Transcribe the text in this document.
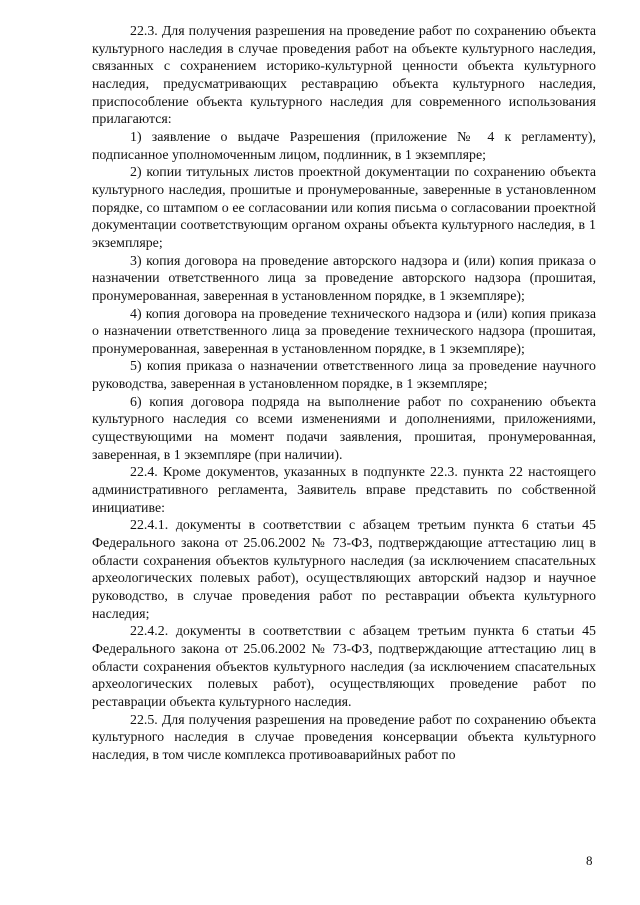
22.3. Для получения разрешения на проведение работ по сохранению объекта культурного наследия в случае проведения работ на объекте культурного наследия, связанных с сохранением историко-культурной ценности объекта культурного наследия, предусматривающих реставрацию объекта культурного наследия, приспособление объекта культурного наследия для современного использования прилагаются:

1) заявление о выдаче Разрешения (приложение № 4 к регламенту), подписанное уполномоченным лицом, подлинник, в 1 экземпляре;

2) копии титульных листов проектной документации по сохранению объекта культурного наследия, прошитые и пронумерованные, заверенные в установленном порядке, со штампом о ее согласовании или копия письма о согласовании проектной документации соответствующим органом охраны объекта культурного наследия, в 1 экземпляре;

3) копия договора на проведение авторского надзора и (или) копия приказа о назначении ответственного лица за проведение авторского надзора (прошитая, пронумерованная, заверенная в установленном порядке, в 1 экземпляре);

4) копия договора на проведение технического надзора и (или) копия приказа о назначении ответственного лица за проведение технического надзора (прошитая, пронумерованная, заверенная в установленном порядке, в 1 экземпляре);

5) копия приказа о назначении ответственного лица за проведение научного руководства, заверенная в установленном порядке, в 1 экземпляре;

6) копия договора подряда на выполнение работ по сохранению объекта культурного наследия со всеми изменениями и дополнениями, приложениями, существующими на момент подачи заявления, прошитая, пронумерованная, заверенная, в 1 экземпляре (при наличии).

22.4. Кроме документов, указанных в подпункте 22.3. пункта 22 настоящего административного регламента, Заявитель вправе представить по собственной инициативе:

22.4.1. документы в соответствии с абзацем третьим пункта 6 статьи 45 Федерального закона от 25.06.2002 № 73-ФЗ, подтверждающие аттестацию лиц в области сохранения объектов культурного наследия (за исключением спасательных археологических полевых работ), осуществляющих авторский надзор и научное руководство, в случае проведения работ по реставрации объекта культурного наследия;

22.4.2. документы в соответствии с абзацем третьим пункта 6 статьи 45 Федерального закона от 25.06.2002 № 73-ФЗ, подтверждающие аттестацию лиц в области сохранения объектов культурного наследия (за исключением спасательных археологических полевых работ), осуществляющих проведение работ по реставрации объекта культурного наследия.

22.5. Для получения разрешения на проведение работ по сохранению объекта культурного наследия в случае проведения консервации объекта культурного наследия, в том числе комплекса противоаварийных работ по

8
